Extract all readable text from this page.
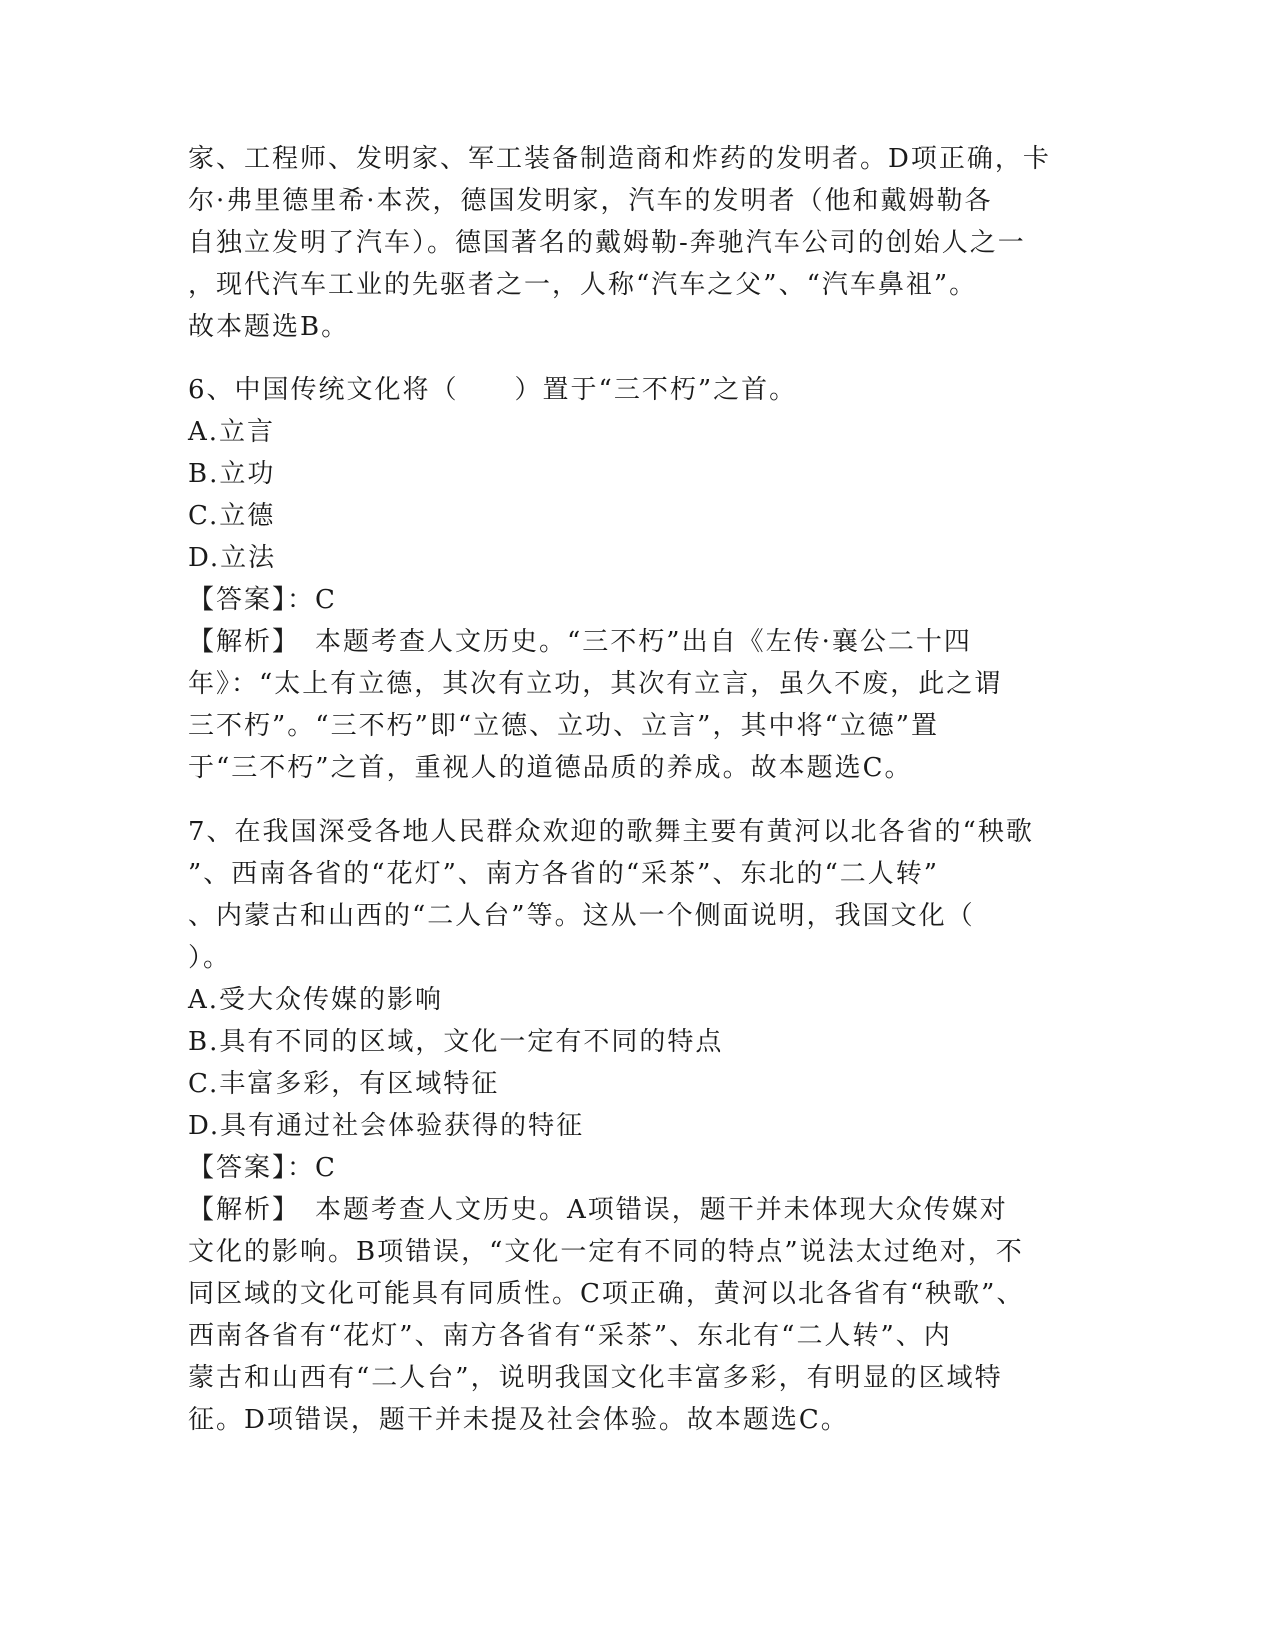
家、工程师、发明家、军工装备制造商和炸药的发明者。D项正确，卡
尔·弗里德里希·本茨，德国发明家，汽车的发明者（他和戴姆勒各
自独立发明了汽车）。德国著名的戴姆勒-奔驰汽车公司的创始人之一
，现代汽车工业的先驱者之一，人称“汽车之父”、“汽车鼻祖”。
故本题选B。
6、中国传统文化将（　　）置于“三不朽”之首。
A.立言
B.立功
C.立德
D.立法
【答案】：C
【解析】　本题考查人文历史。“三不朽”出自《左传·襄公二十四
年》：“太上有立德，其次有立功，其次有立言，虽久不废，此之谓
三不朽”。“三不朽”即“立德、立功、立言”，其中将“立德”置
于“三不朽”之首，重视人的道德品质的养成。故本题选C。
7、在我国深受各地人民群众欢迎的歌舞主要有黄河以北各省的“秧歌
”、西南各省的“花灯”、南方各省的“采茶”、东北的“二人转”
、内蒙古和山西的“二人台”等。这从一个侧面说明，我国文化（
）。
A.受大众传媒的影响
B.具有不同的区域，文化一定有不同的特点
C.丰富多彩，有区域特征
D.具有通过社会体验获得的特征
【答案】：C
【解析】　本题考查人文历史。A项错误，题干并未体现大众传媒对
文化的影响。B项错误，“文化一定有不同的特点”说法太过绝对，不
同区域的文化可能具有同质性。C项正确，黄河以北各省有“秧歌”、
西南各省有“花灯”、南方各省有“采茶”、东北有“二人转”、内
蒙古和山西有“二人台”，说明我国文化丰富多彩，有明显的区域特
征。D项错误，题干并未提及社会体验。故本题选C。
